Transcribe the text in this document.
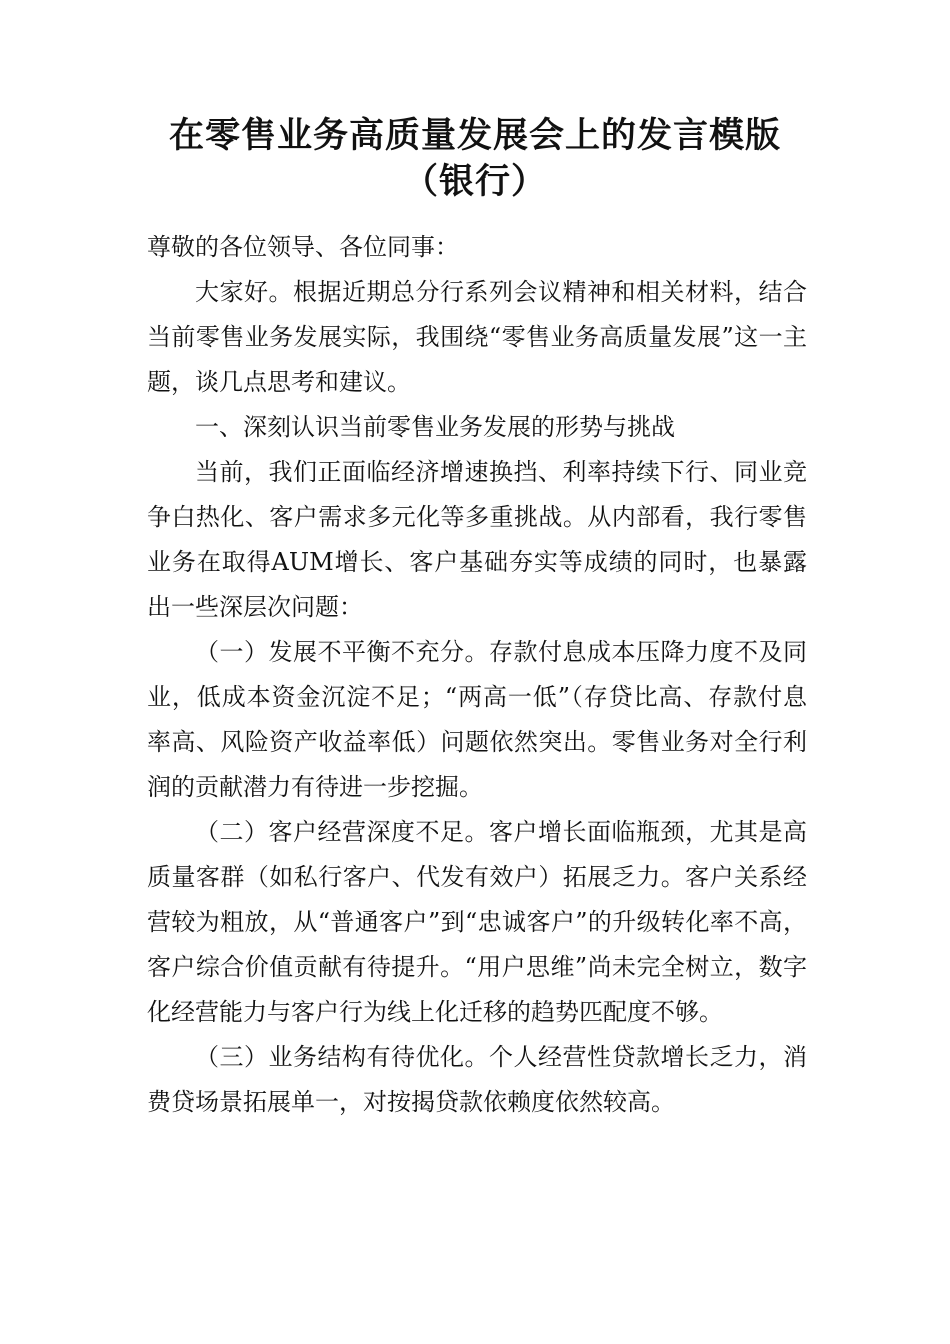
在零售业务高质量发展会上的发言模版
（银行）

尊敬的各位领导、各位同事：

大家好。根据近期总分行系列会议精神和相关材料，结合当前零售业务发展实际，我围绕“零售业务高质量发展”这一主题，谈几点思考和建议。

一、深刻认识当前零售业务发展的形势与挑战

当前，我们正面临经济增速换挡、利率持续下行、同业竞争白热化、客户需求多元化等多重挑战。从内部看，我行零售业务在取得AUM增长、客户基础夯实等成绩的同时，也暴露出一些深层次问题：

（一）发展不平衡不充分。存款付息成本压降力度不及同业，低成本资金沉淀不足；“两高一低”（存贷比高、存款付息率高、风险资产收益率低）问题依然突出。零售业务对全行利润的贡献潜力有待进一步挖掘。

（二）客户经营深度不足。客户增长面临瓶颈，尤其是高质量客群（如私行客户、代发有效户）拓展乏力。客户关系经营较为粗放，从“普通客户”到“忠诚客户”的升级转化率不高，客户综合价值贡献有待提升。“用户思维”尚未完全树立，数字化经营能力与客户行为线上化迁移的趋势匹配度不够。

（三）业务结构有待优化。个人经营性贷款增长乏力，消费贷场景拓展单一，对按揭贷款依赖度依然较高。
